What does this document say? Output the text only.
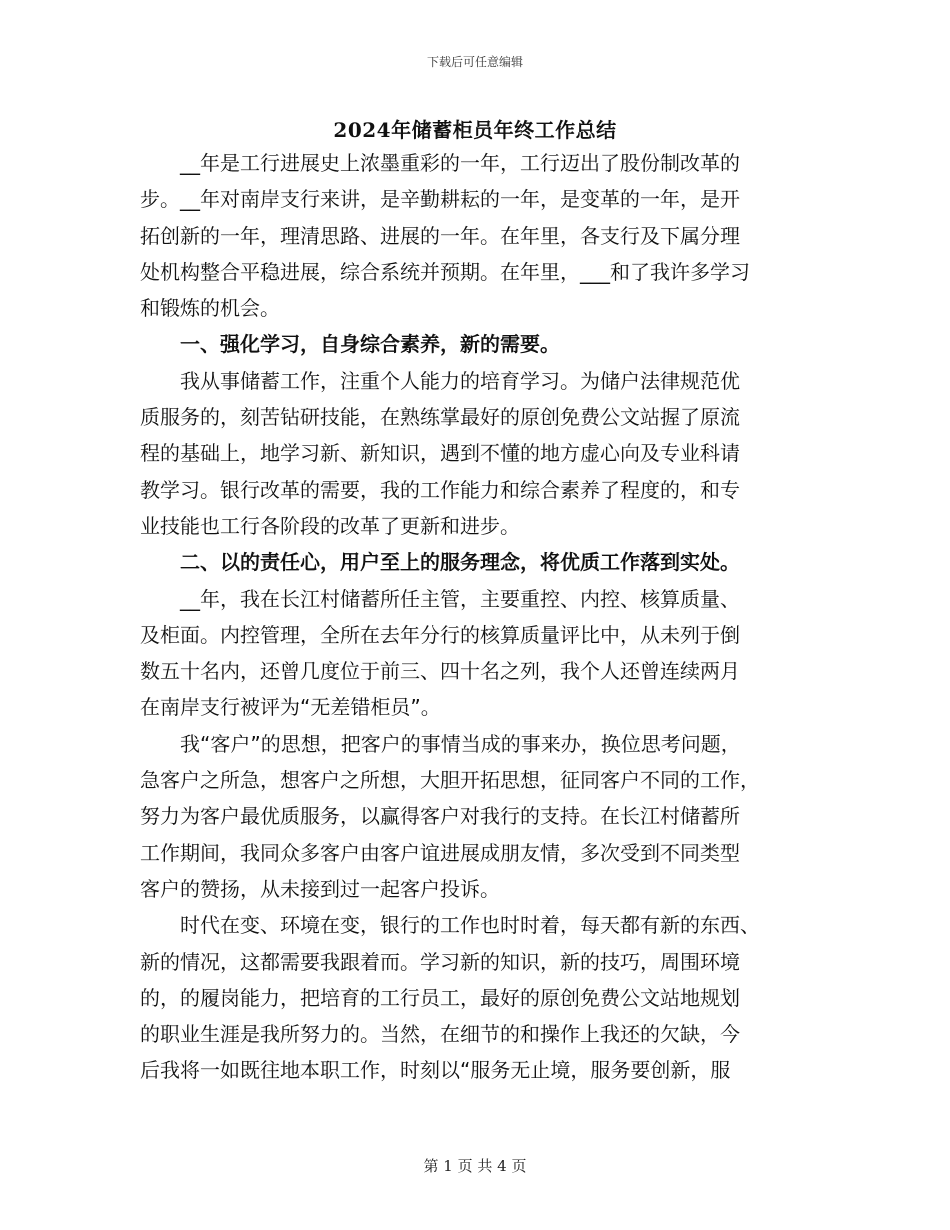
下载后可任意编辑
2024年储蓄柜员年终工作总结

__年是工行进展史上浓墨重彩的一年，工行迈出了股份制改革的
步。__年对南岸支行来讲，是辛勤耕耘的一年，是变革的一年，是开
拓创新的一年，理清思路、进展的一年。在年里，各支行及下属分理
处机构整合平稳进展，综合系统并预期。在年里，___和了我许多学习
和锻炼的机会。

一、强化学习，自身综合素养，新的需要。

我从事储蓄工作，注重个人能力的培育学习。为储户法律规范优
质服务的，刻苦钻研技能，在熟练掌最好的原创免费公文站握了原流
程的基础上，地学习新、新知识，遇到不懂的地方虚心向及专业科请
教学习。银行改革的需要，我的工作能力和综合素养了程度的，和专
业技能也工行各阶段的改革了更新和进步。

二、以的责任心，用户至上的服务理念，将优质工作落到实处。

__年，我在长江村储蓄所任主管，主要重控、内控、核算质量、
及柜面。内控管理，全所在去年分行的核算质量评比中，从未列于倒
数五十名内，还曾几度位于前三、四十名之列，我个人还曾连续两月
在南岸支行被评为“无差错柜员”。

我“客户”的思想，把客户的事情当成的事来办，换位思考问题，
急客户之所急，想客户之所想，大胆开拓思想，征同客户不同的工作，
努力为客户最优质服务，以赢得客户对我行的支持。在长江村储蓄所
工作期间，我同众多客户由客户谊进展成朋友情，多次受到不同类型
客户的赞扬，从未接到过一起客户投诉。

时代在变、环境在变，银行的工作也时时着，每天都有新的东西、
新的情况，这都需要我跟着而。学习新的知识，新的技巧，周围环境
的，的履岗能力，把培育的工行员工，最好的原创免费公文站地规划
的职业生涯是我所努力的。当然，在细节的和操作上我还的欠缺，今
后我将一如既往地本职工作，时刻以“服务无止境，服务要创新，服

第 1 页 共 4 页
